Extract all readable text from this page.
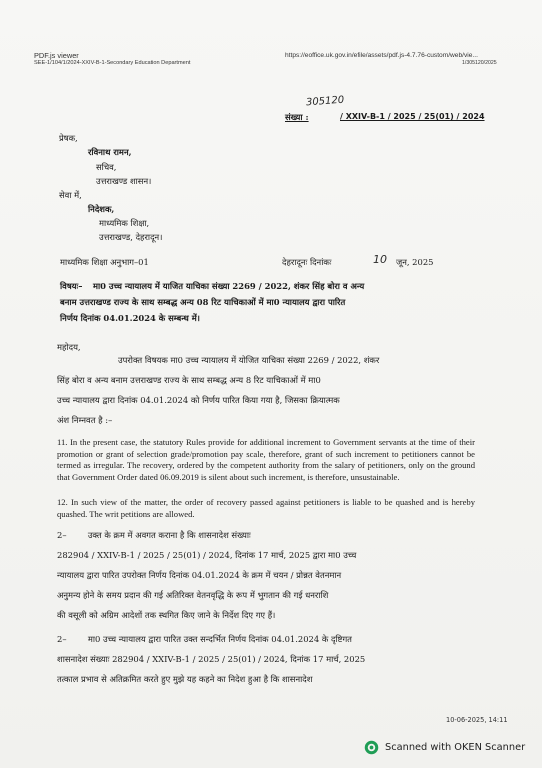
PDF.js viewer
SEE-1/104/1/2024-XXIV-B-1-Secondary Education Department
https://eoffice.uk.gov.in/efile/assets/pdf.js-4.7.76-custom/web/vie...
1/305120/2025
305120
संख्या :	/ XXIV-B-1 / 2025 / 25(01) / 2024
प्रेषक,
रविनाथ रामन,
सचिव,
उत्तराखण्ड शासन।
सेवा में,
निदेशक,
माध्यमिक शिक्षा,
उत्तराखण्ड, देहरादून।
माध्यमिक शिक्षा अनुभाग–01	देहरादूनः दिनांकः	10 जून, 2025
विषयः– मा0 उच्च न्यायालय में याजित याचिका संख्या 2269 / 2022, शंकर सिंह बोरा व अन्य
बनाम उत्तराखण्ड राज्य के साथ सम्बद्ध अन्य 08 रिट याचिकाओं में मा0 न्यायालय द्वारा पारित
निर्णय दिनांक 04.01.2024 के सम्बन्ध में।
महोदय,
उपरोक्त विषयक मा0 उच्च न्यायालय में योजित याचिका संख्या 2269 / 2022, शंकर
सिंह बोरा व अन्य बनाम उत्तराखण्ड राज्य के साथ सम्बद्ध अन्य 8 रिट याचिकाओं में मा0
उच्च न्यायालय द्वारा दिनांक 04.01.2024 को निर्णय पारित किया गया है, जिसका क्रियात्मक
अंश निम्नवत है :–
11. In the present case, the statutory Rules provide for additional increment to Government servants at the time of their promotion or grant of selection grade/promotion pay scale, therefore, grant of such increment to petitioners cannot be termed as irregular. The recovery, ordered by the competent authority from the salary of petitioners, only on the ground that Government Order dated 06.09.2019 is silent about such increment, is therefore, unsustainable.
12. In such view of the matter, the order of recovery passed against petitioners is liable to be quashed and is hereby quashed. The writ petitions are allowed.
2–        उक्त के क्रम में अवगत कराना है कि शासनादेश संख्याः
282904 / XXIV-B-1 / 2025 / 25(01) / 2024, दिनांक 17 मार्च, 2025 द्वारा मा0 उच्च
न्यायालय द्वारा पारित उपरोक्त निर्णय दिनांक 04.01.2024 के क्रम में चयन / प्रोन्नत वेतनमान
अनुमन्य होने के समय प्रदान की गई अतिरिक्त वेतनवृद्धि के रूप में भुगतान की गई धनराशि
की वसूली को अग्रिम आदेशों तक स्थगित किए जाने के निर्देश दिए गए हैं।
2–        मा0 उच्च न्यायालय द्वारा पारित उक्त सन्दर्भित निर्णय दिनांक 04.01.2024 के दृष्टिगत
शासनादेश संख्याः 282904 / XXIV-B-1 / 2025 / 25(01) / 2024, दिनांक 17 मार्च, 2025
तत्काल प्रभाव से अतिक्रमित करते हुए मुझे यह कहने का निदेश हुआ है कि शासनादेश
10-06-2025, 14:11
Scanned with OKEN Scanner
